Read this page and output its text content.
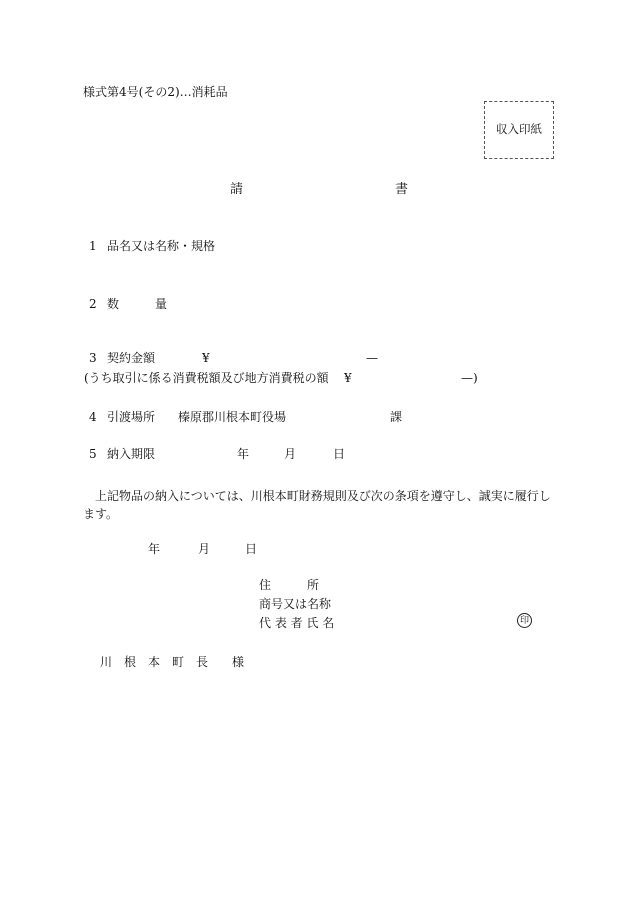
様式第4号(その2)…消耗品
収入印紙
請	書
1 品名又は名称・規格
2 数　　　量
3 契約金額	¥	—
(うち取引に係る消費税額及び地方消費税の額 ¥	—)
4 引渡場所 榛原郡川根本町役場	課
5 納入期限	年	月	日
上記物品の納入については、川根本町財務規則及び次の条項を遵守し、誠実に履行します。
年	月	日
住　　　所
商号又は名称
代 表 者 氏 名	印
川　根　本　町　長　　様
